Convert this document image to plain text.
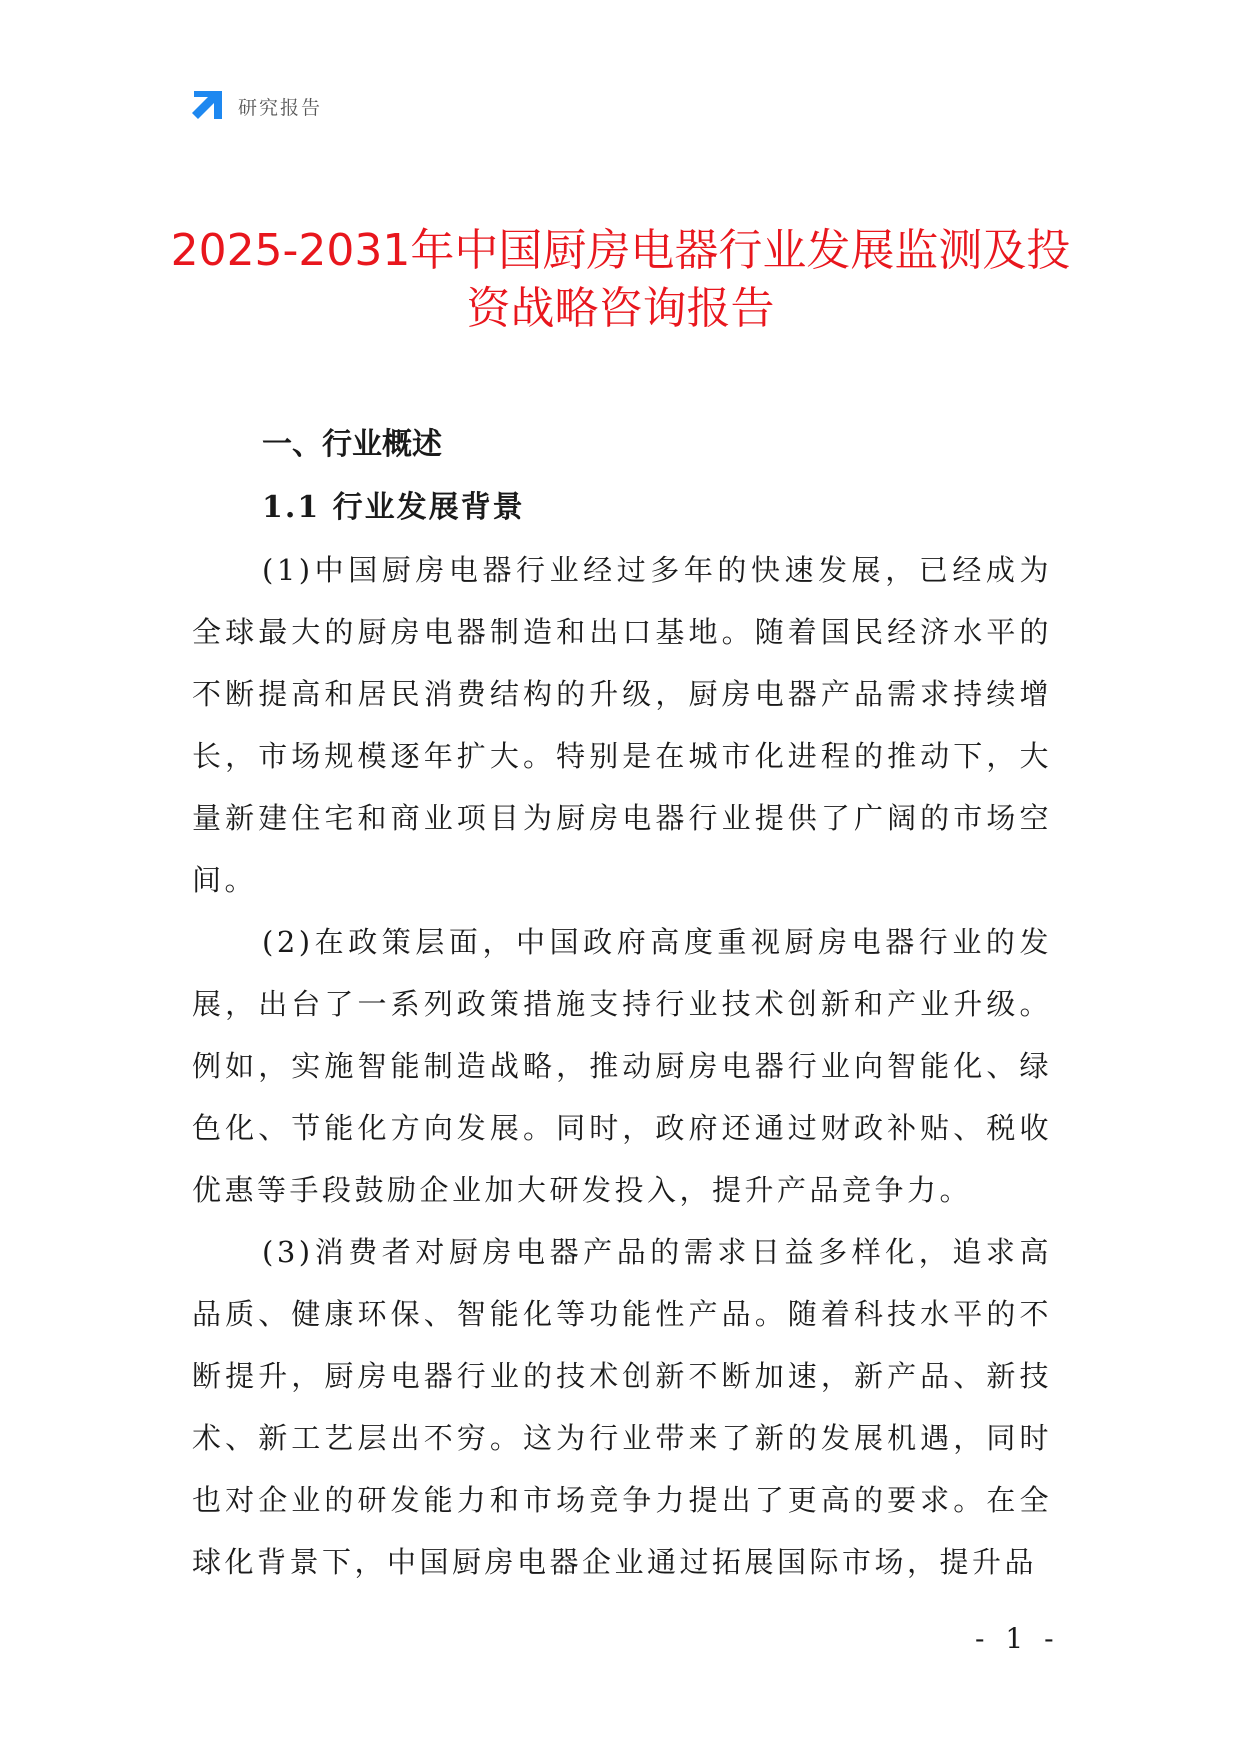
研究报告
2025-2031年中国厨房电器行业发展监测及投资战略咨询报告
一、行业概述
1.1 行业发展背景

(1)中国厨房电器行业经过多年的快速发展，已经成为全球最大的厨房电器制造和出口基地。随着国民经济水平的不断提高和居民消费结构的升级，厨房电器产品需求持续增长，市场规模逐年扩大。特别是在城市化进程的推动下，大量新建住宅和商业项目为厨房电器行业提供了广阔的市场空间。

(2)在政策层面，中国政府高度重视厨房电器行业的发展，出台了一系列政策措施支持行业技术创新和产业升级。例如，实施智能制造战略，推动厨房电器行业向智能化、绿色化、节能化方向发展。同时，政府还通过财政补贴、税收优惠等手段鼓励企业加大研发投入，提升产品竞争力。

(3)消费者对厨房电器产品的需求日益多样化，追求高品质、健康环保、智能化等功能性产品。随着科技水平的不断提升，厨房电器行业的技术创新不断加速，新产品、新技术、新工艺层出不穷。这为行业带来了新的发展机遇，同时也对企业的研发能力和市场竞争力提出了更高的要求。在全球化背景下，中国厨房电器企业通过拓展国际市场，提升品

- 1 -
